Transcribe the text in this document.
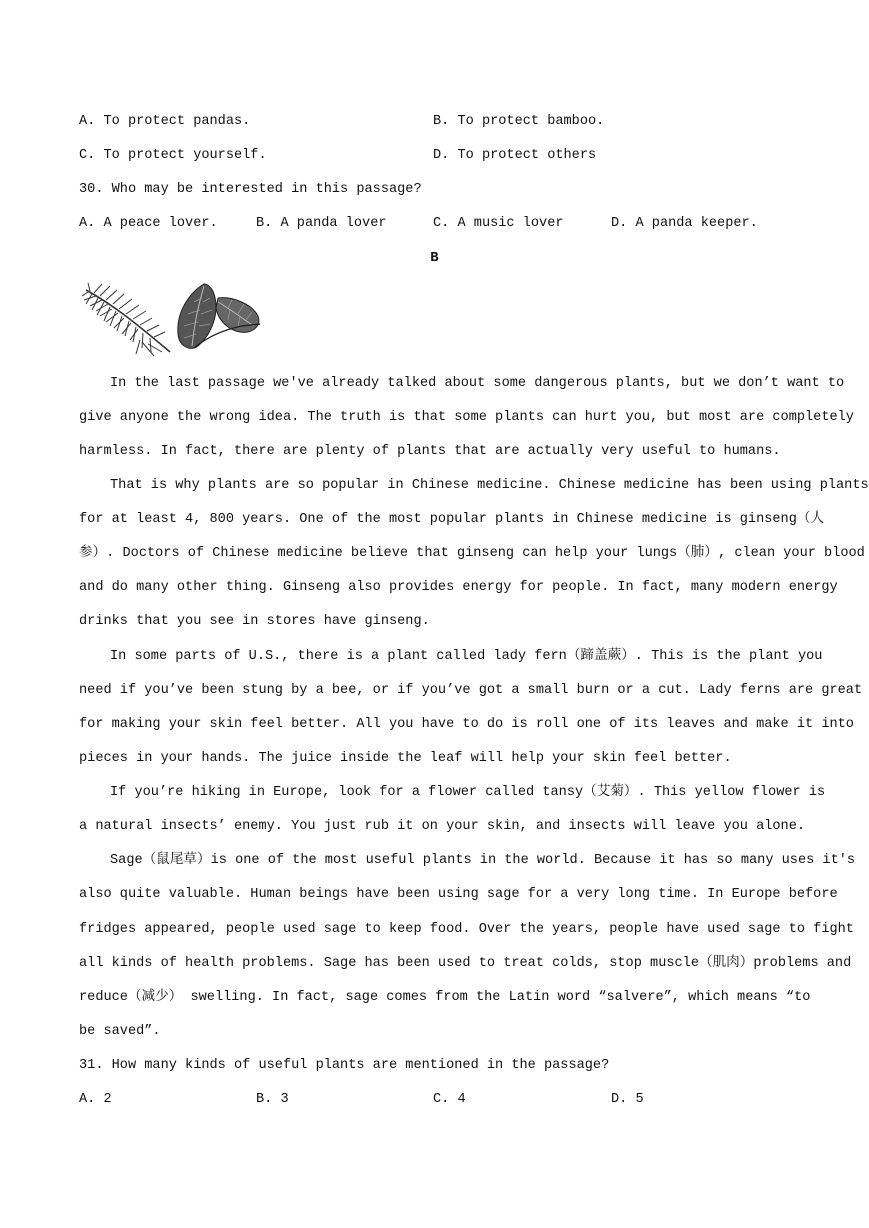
A. To protect pandas.	B. To protect bamboo.
C. To protect yourself.	D. To protect others
30. Who may be interested in this passage?
A. A peace lover.	B. A panda lover	C. A music lover	D. A panda keeper.
B
In the last passage we've already talked about some dangerous plants, but we don’t want to
give anyone the wrong idea. The truth is that some plants can hurt you, but most are completely
harmless. In fact, there are plenty of plants that are actually very useful to humans.
That is why plants are so popular in Chinese medicine. Chinese medicine has been using plants
for at least 4, 800 years. One of the most popular plants in Chinese medicine is ginseng（人
参）. Doctors of Chinese medicine believe that ginseng can help your lungs（肺）, clean your blood
and do many other thing. Ginseng also provides energy for people. In fact, many modern energy
drinks that you see in stores have ginseng.
In some parts of U.S., there is a plant called lady fern（蹄盖蕨）. This is the plant you
need if you’ve been stung by a bee, or if you’ve got a small burn or a cut. Lady ferns are great
for making your skin feel better. All you have to do is roll one of its leaves and make it into
pieces in your hands. The juice inside the leaf will help your skin feel better.
If you’re hiking in Europe, look for a flower called tansy（艾菊）. This yellow flower is
a natural insects’ enemy. You just rub it on your skin, and insects will leave you alone.
Sage（鼠尾草）is one of the most useful plants in the world. Because it has so many uses it's
also quite valuable. Human beings have been using sage for a very long time. In Europe before
fridges appeared, people used sage to keep food. Over the years, people have used sage to fight
all kinds of health problems. Sage has been used to treat colds, stop muscle（肌肉）problems and
reduce（减少） swelling. In fact, sage comes from the Latin word “salvere”, which means “to
be saved”.
31. How many kinds of useful plants are mentioned in the passage?
A. 2	B. 3	C. 4	D. 5
